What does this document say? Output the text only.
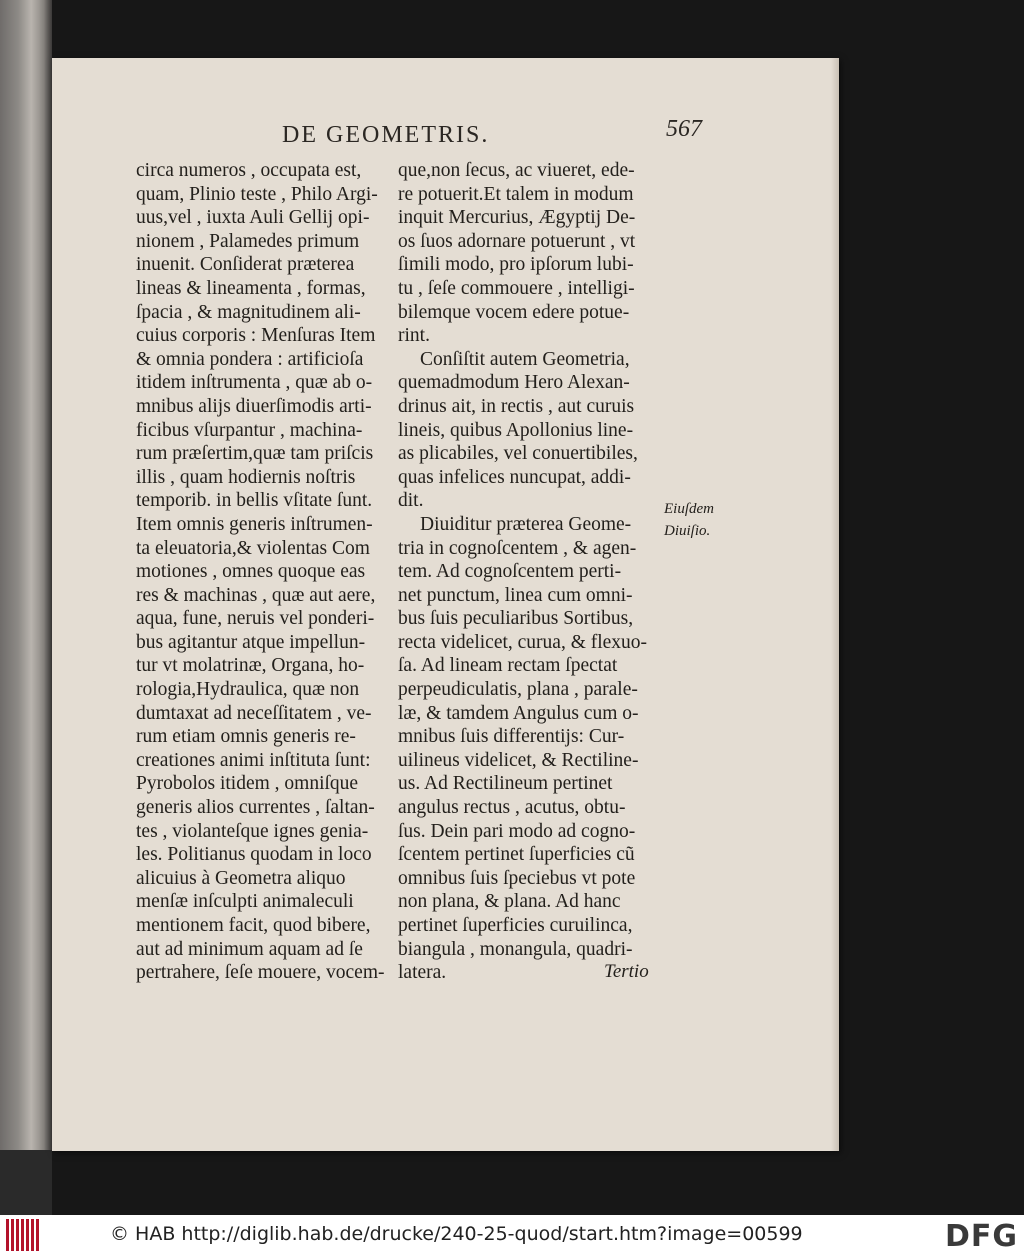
DE GEOMETRIS.	567
circa numeros , occupata est,
quam, Plinio teste , Philo Argi-
uus,vel , iuxta Auli Gellij opi-
nionem , Palamedes primum
inuenit. Conſiderat præterea
lineas & lineamenta , formas,
ſpacia , & magnitudinem ali-
cuius corporis : Menſuras Item
& omnia pondera : artificioſa
itidem inſtrumenta , quæ ab o-
mnibus alijs diuerſimodis arti-
ficibus vſurpantur , machina-
rum præſertim,quæ tam priſcis
illis , quam hodiernis noſtris
temporib. in bellis vſitate ſunt.
Item omnis generis inſtrumen-
ta eleuatoria,& violentas Com
motiones , omnes quoque eas
res & machinas , quæ aut aere,
aqua, fune, neruis vel ponderi-
bus agitantur atque impellun-
tur vt molatrinæ, Organa, ho-
rologia,Hydraulica, quæ non
dumtaxat ad neceſſitatem , ve-
rum etiam omnis generis re-
creationes animi inſtituta ſunt:
Pyrobolos itidem , omniſque
generis alios currentes , ſaltan-
tes , violanteſque ignes genia-
les. Politianus quodam in loco
alicuius à Geometra aliquo
menſæ inſculpti animaleculi
mentionem facit, quod bibere,
aut ad minimum aquam ad ſe
pertrahere, ſeſe mouere, vocem-
que,non ſecus, ac viueret, ede-
re potuerit.Et talem in modum
inquit Mercurius, Ægyptij De-
os ſuos adornare potuerunt , vt
ſimili modo, pro ipſorum lubi-
tu , ſeſe commouere , intelligi-
bilemque vocem edere potue-
rint.
Conſiſtit autem Geometria,
quemadmodum Hero Alexan-
drinus ait, in rectis , aut curuis
lineis, quibus Apollonius line-
as plicabiles, vel conuertibiles,
quas infelices nuncupat, addi-
dit.
Diuiditur præterea Geome-
tria in cognoſcentem , & agen-
tem. Ad cognoſcentem perti-
net punctum, linea cum omni-
bus ſuis peculiaribus Sortibus,
recta videlicet, curua, & flexuo-
ſa. Ad lineam rectam ſpectat
perpeudiculatis, plana , parale-
læ, & tamdem Angulus cum o-
mnibus ſuis differentijs: Cur-
uilineus videlicet, & Rectiline-
us. Ad Rectilineum pertinet
angulus rectus , acutus, obtu-
ſus. Dein pari modo ad cogno-
ſcentem pertinet ſuperficies cũ
omnibus ſuis ſpeciebus vt pote
non plana, & plana. Ad hanc
pertinet ſuperficies curuilinca,
biangula , monangula, quadri-
latera.
Eiuſdem
Diuiſio.
Tertio
© HAB http://diglib.hab.de/drucke/240-25-quod/start.htm?image=00599	DFG
